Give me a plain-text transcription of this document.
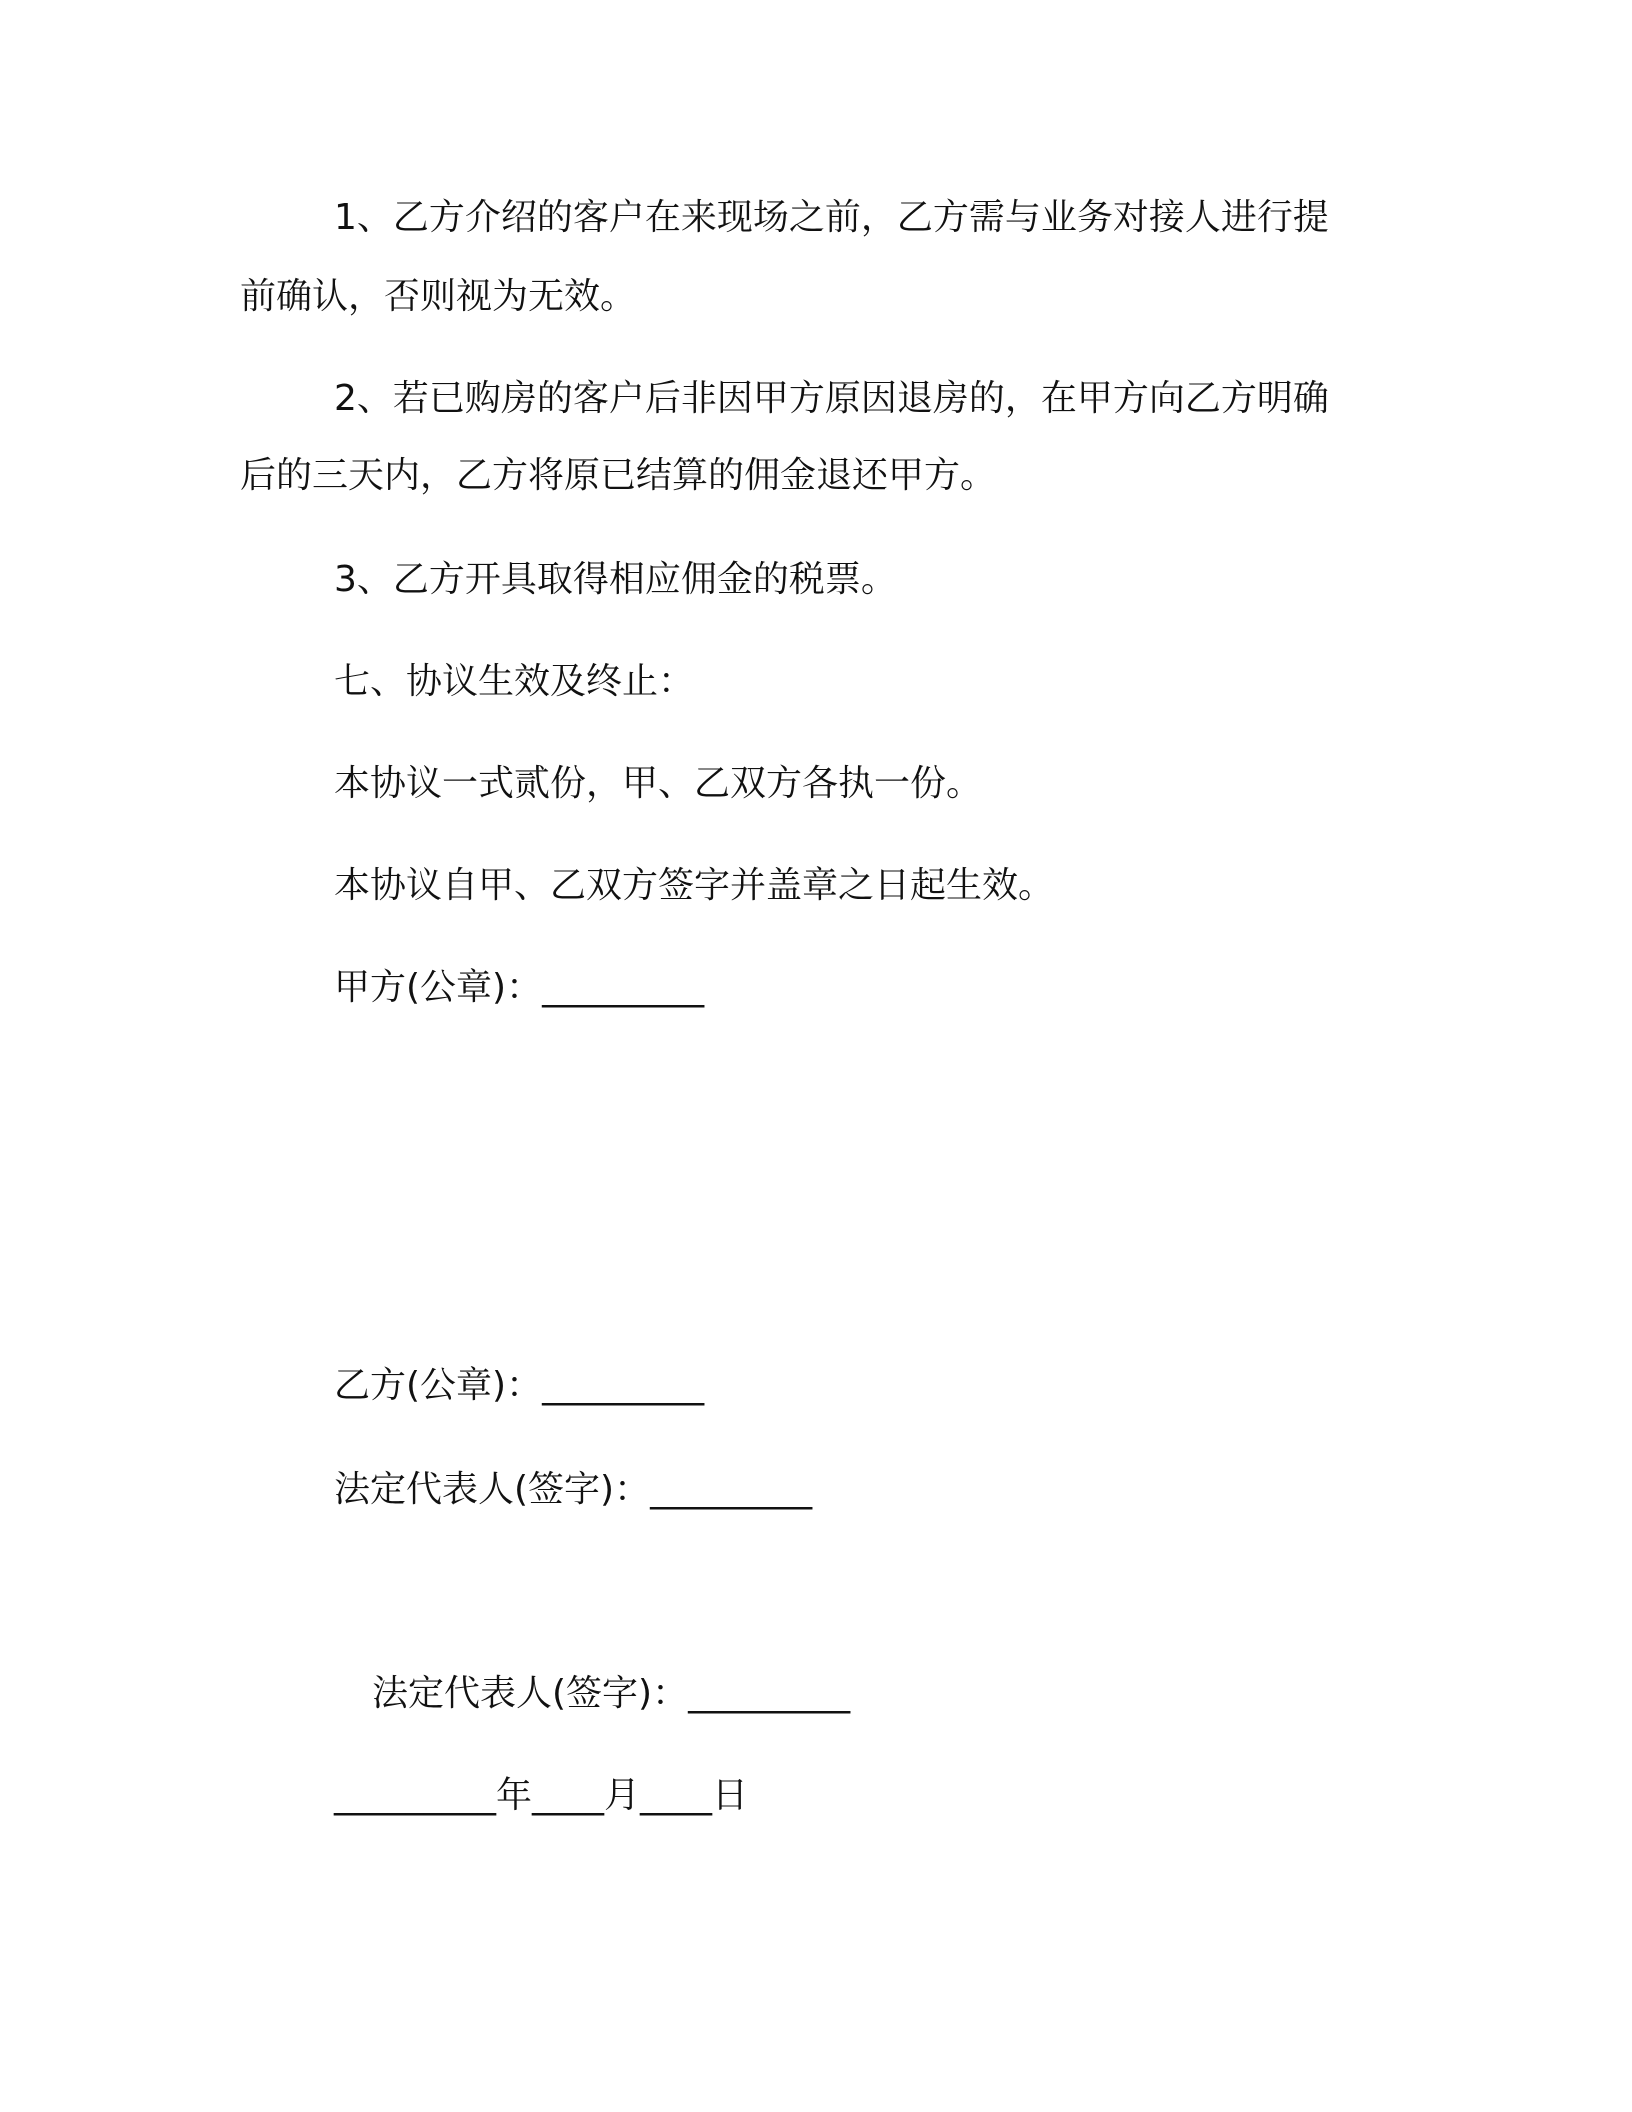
1、乙方介绍的客户在来现场之前，乙方需与业务对接人进行提
前确认，否则视为无效。
2、若已购房的客户后非因甲方原因退房的，在甲方向乙方明确
后的三天内，乙方将原已结算的佣金退还甲方。
3、乙方开具取得相应佣金的税票。
七、协议生效及终止：
本协议一式贰份，甲、乙双方各执一份。
本协议自甲、乙双方签字并盖章之日起生效。
甲方(公章)：_________
乙方(公章)：_________
法定代表人(签字)：_________
法定代表人(签字)：_________
_________年____月____日
